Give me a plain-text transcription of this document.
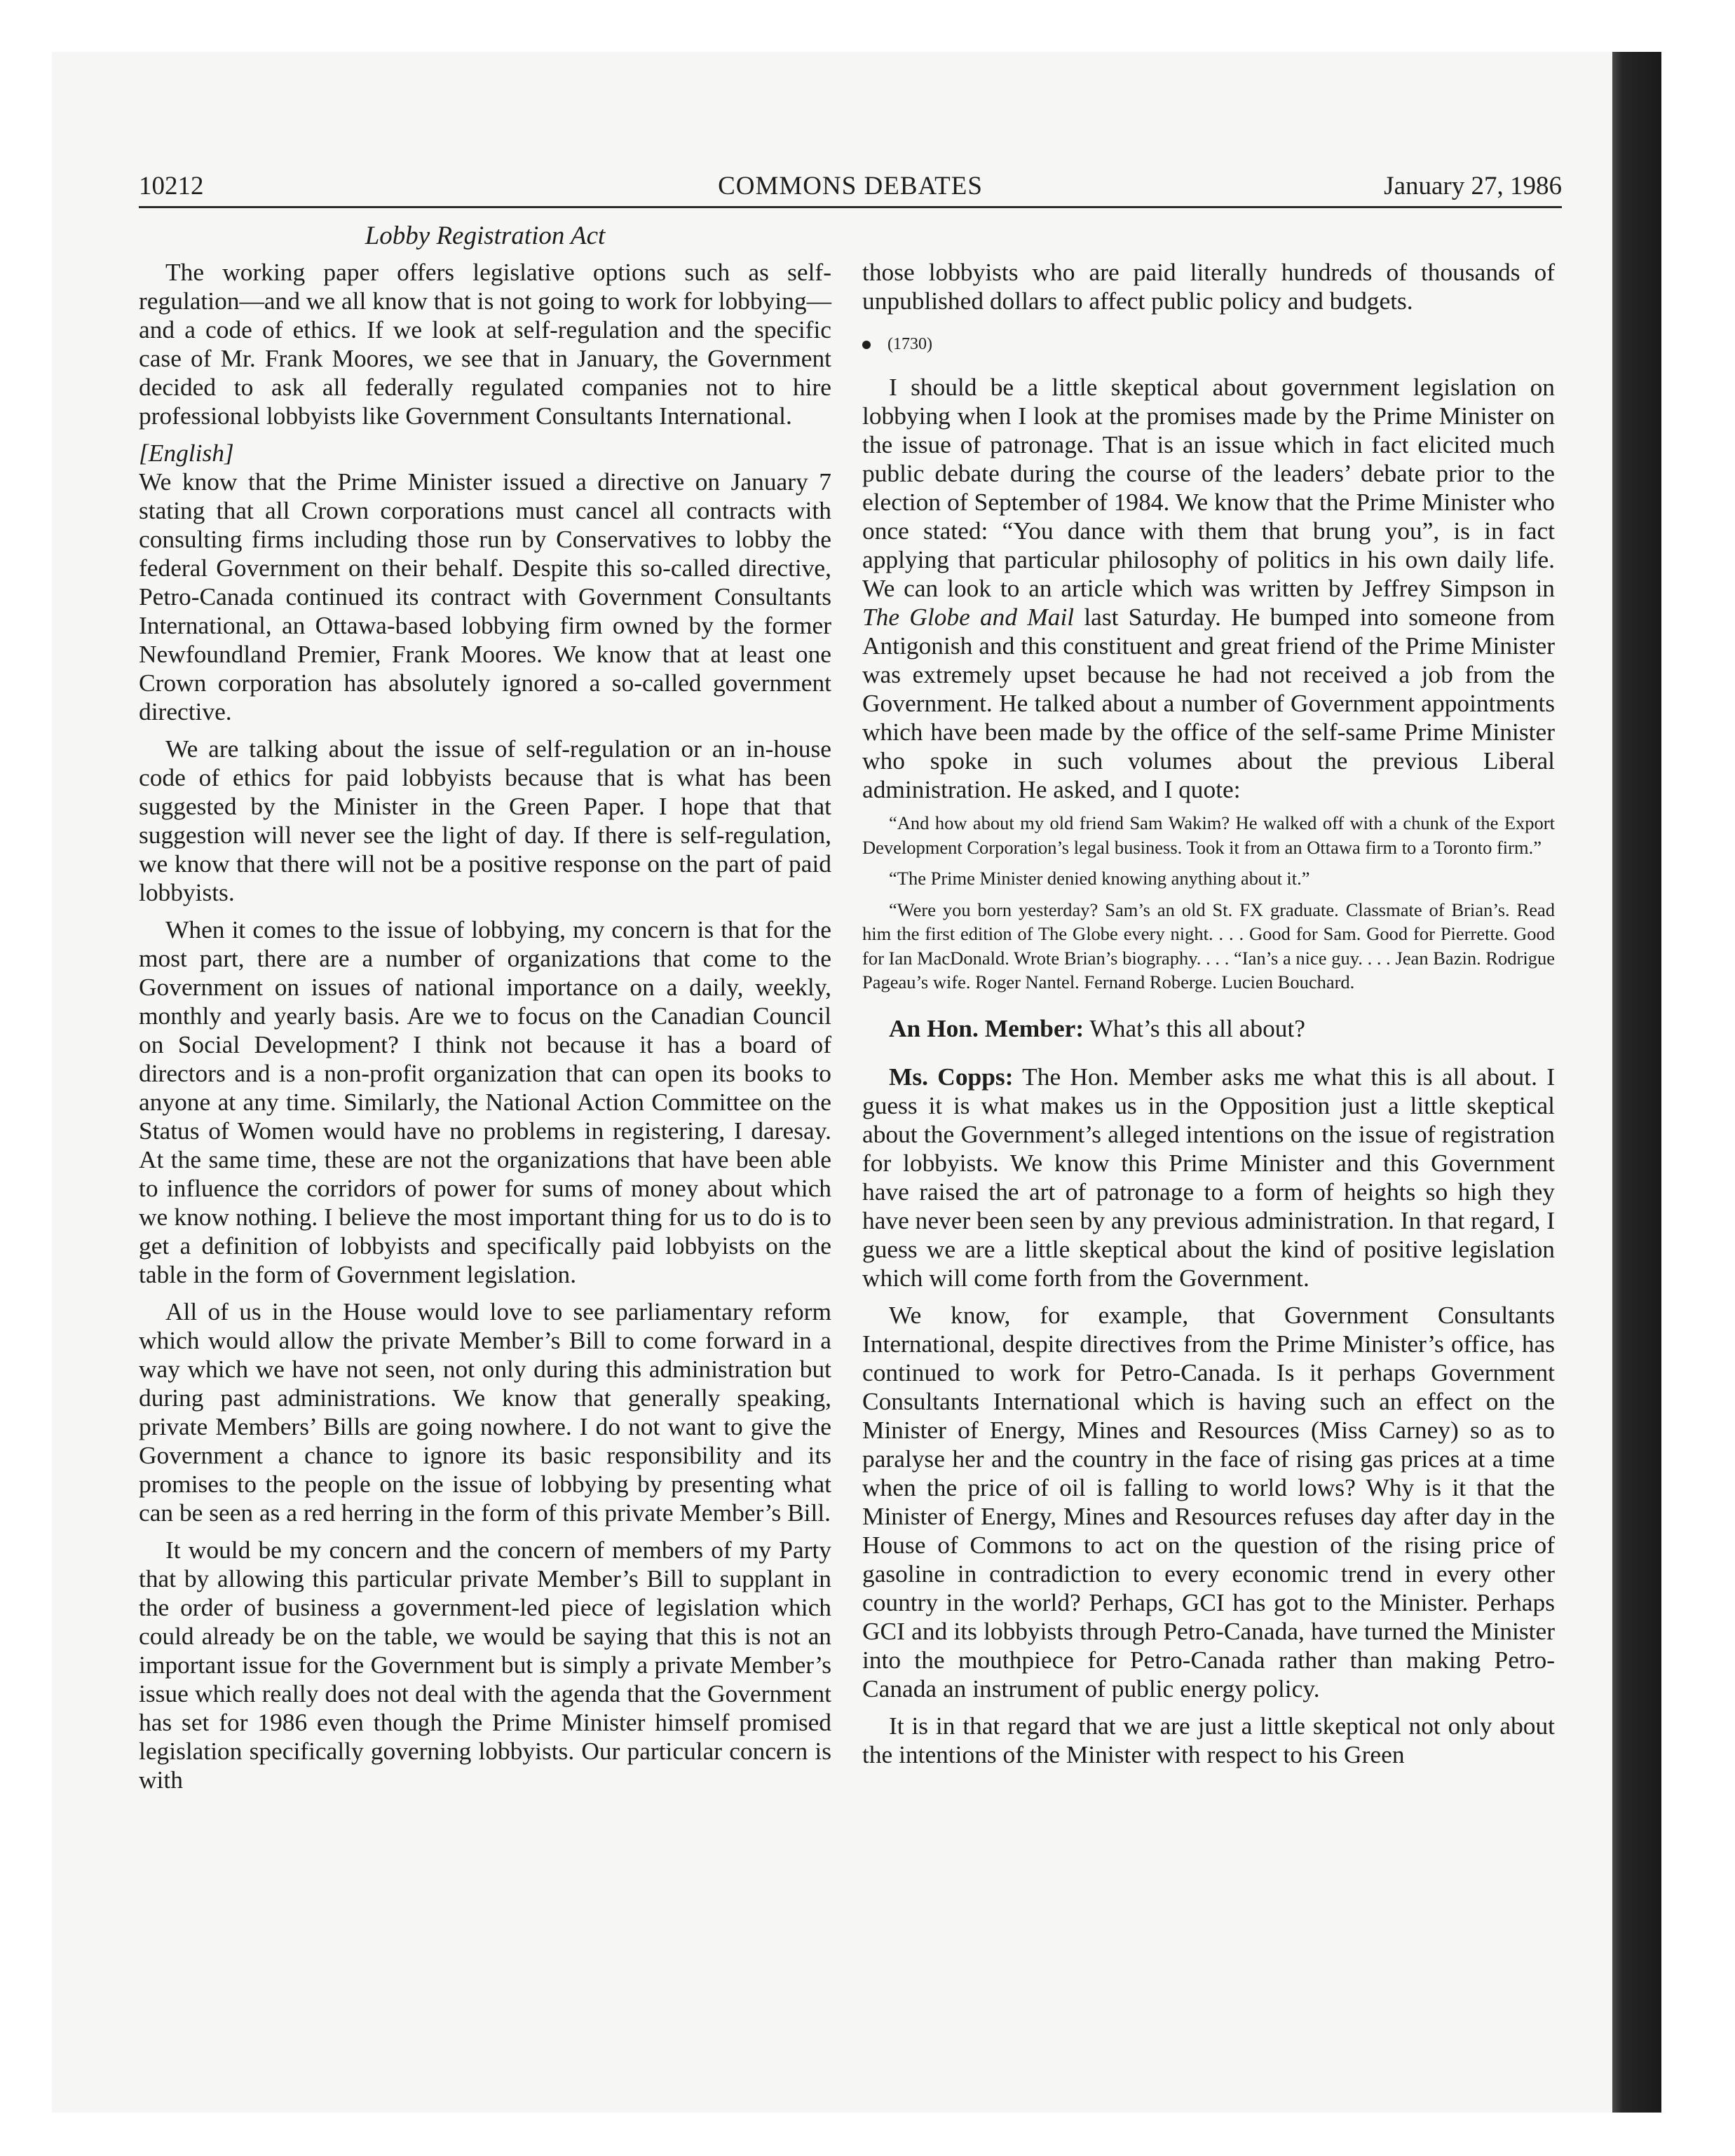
10212	COMMONS DEBATES	January 27, 1986
Lobby Registration Act

The working paper offers legislative options such as self-regulation—and we all know that is not going to work for lobbying—and a code of ethics. If we look at self-regulation and the specific case of Mr. Frank Moores, we see that in January, the Government decided to ask all federally regulated companies not to hire professional lobbyists like Government Consultants International.

[English]

We know that the Prime Minister issued a directive on January 7 stating that all Crown corporations must cancel all contracts with consulting firms including those run by Conservatives to lobby the federal Government on their behalf. Despite this so-called directive, Petro-Canada continued its contract with Government Consultants International, an Ottawa-based lobbying firm owned by the former Newfoundland Premier, Frank Moores. We know that at least one Crown corporation has absolutely ignored a so-called government directive.

We are talking about the issue of self-regulation or an in-house code of ethics for paid lobbyists because that is what has been suggested by the Minister in the Green Paper. I hope that that suggestion will never see the light of day. If there is self-regulation, we know that there will not be a positive response on the part of paid lobbyists.

When it comes to the issue of lobbying, my concern is that for the most part, there are a number of organizations that come to the Government on issues of national importance on a daily, weekly, monthly and yearly basis. Are we to focus on the Canadian Council on Social Development? I think not because it has a board of directors and is a non-profit organization that can open its books to anyone at any time. Similarly, the National Action Committee on the Status of Women would have no problems in registering, I daresay. At the same time, these are not the organizations that have been able to influence the corridors of power for sums of money about which we know nothing. I believe the most important thing for us to do is to get a definition of lobbyists and specifically paid lobbyists on the table in the form of Government legislation.

All of us in the House would love to see parliamentary reform which would allow the private Member’s Bill to come forward in a way which we have not seen, not only during this administration but during past administrations. We know that generally speaking, private Members’ Bills are going nowhere. I do not want to give the Government a chance to ignore its basic responsibility and its promises to the people on the issue of lobbying by presenting what can be seen as a red herring in the form of this private Member’s Bill.

It would be my concern and the concern of members of my Party that by allowing this particular private Member’s Bill to supplant in the order of business a government-led piece of legislation which could already be on the table, we would be saying that this is not an important issue for the Government but is simply a private Member’s issue which really does not deal with the agenda that the Government has set for 1986 even though the Prime Minister himself promised legislation specifically governing lobbyists. Our particular concern is with

those lobbyists who are paid literally hundreds of thousands of unpublished dollars to affect public policy and budgets.

(1730)

I should be a little skeptical about government legislation on lobbying when I look at the promises made by the Prime Minister on the issue of patronage. That is an issue which in fact elicited much public debate during the course of the leaders’ debate prior to the election of September of 1984. We know that the Prime Minister who once stated: “You dance with them that brung you”, is in fact applying that particular philosophy of politics in his own daily life. We can look to an article which was written by Jeffrey Simpson in The Globe and Mail last Saturday. He bumped into someone from Antigonish and this constituent and great friend of the Prime Minister was extremely upset because he had not received a job from the Government. He talked about a number of Government appointments which have been made by the office of the self-same Prime Minister who spoke in such volumes about the previous Liberal administration. He asked, and I quote:

“And how about my old friend Sam Wakim? He walked off with a chunk of the Export Development Corporation’s legal business. Took it from an Ottawa firm to a Toronto firm.”

“The Prime Minister denied knowing anything about it.”

“Were you born yesterday? Sam’s an old St. FX graduate. Classmate of Brian’s. Read him the first edition of The Globe every night. . . . Good for Sam. Good for Pierrette. Good for Ian MacDonald. Wrote Brian’s biography. . . . “Ian’s a nice guy. . . . Jean Bazin. Rodrigue Pageau’s wife. Roger Nantel. Fernand Roberge. Lucien Bouchard.

An Hon. Member: What’s this all about?

Ms. Copps: The Hon. Member asks me what this is all about. I guess it is what makes us in the Opposition just a little skeptical about the Government’s alleged intentions on the issue of registration for lobbyists. We know this Prime Minister and this Government have raised the art of patronage to a form of heights so high they have never been seen by any previous administration. In that regard, I guess we are a little skeptical about the kind of positive legislation which will come forth from the Government.

We know, for example, that Government Consultants International, despite directives from the Prime Minister’s office, has continued to work for Petro-Canada. Is it perhaps Government Consultants International which is having such an effect on the Minister of Energy, Mines and Resources (Miss Carney) so as to paralyse her and the country in the face of rising gas prices at a time when the price of oil is falling to world lows? Why is it that the Minister of Energy, Mines and Resources refuses day after day in the House of Commons to act on the question of the rising price of gasoline in contradiction to every economic trend in every other country in the world? Perhaps, GCI has got to the Minister. Perhaps GCI and its lobbyists through Petro-Canada, have turned the Minister into the mouthpiece for Petro-Canada rather than making Petro-Canada an instrument of public energy policy.

It is in that regard that we are just a little skeptical not only about the intentions of the Minister with respect to his Green
